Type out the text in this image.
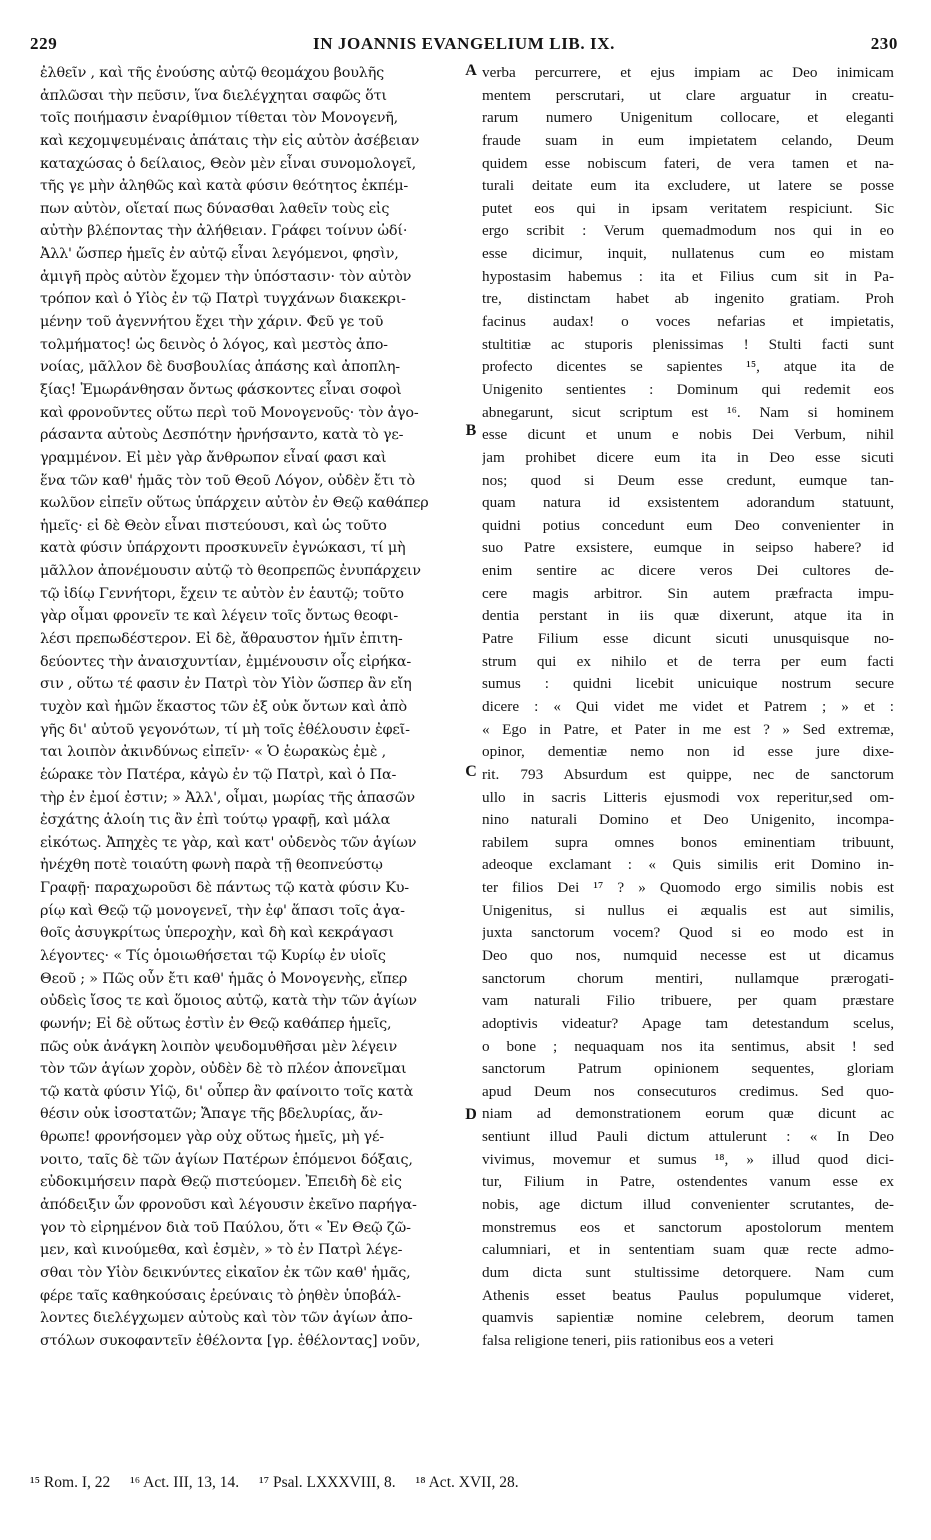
229	IN JOANNIS EVANGELIUM LIB. IX.	230
ἐλθεῖν , καὶ τῆς ἐνούσης αὐτῷ θεομάχου βουλῆς
ἀπλῶσαι τὴν πεῦσιν, ἵνα διελέγχηται σαφῶς ὅτι
τοῖς ποιήμασιν ἐναρίθμιον τίθεται τὸν Μονογενῆ,
καὶ κεχομψευμέναις ἀπάταις τὴν εἰς αὐτὸν ἀσέβειαν
καταχώσας ὁ δείλαιος, Θεὸν μὲν εἶναι συνομολογεῖ,
τῆς γε μὴν ἀληθῶς καὶ κατὰ φύσιν θεότητος ἐκπέμ-
πων αὐτὸν, οἴεταί πως δύνασθαι λαθεῖν τοὺς εἰς
αὐτὴν βλέποντας τὴν ἀλήθειαν. Γράφει τοίνυν ὡδί·
Ἀλλ' ὥσπερ ἡμεῖς ἐν αὐτῷ εἶναι λεγόμενοι, φησὶν,
ἀμιγῆ πρὸς αὐτὸν ἔχομεν τὴν ὑπόστασιν· τὸν αὐτὸν
τρόπον καὶ ὁ Υἱὸς ἐν τῷ Πατρὶ τυγχάνων διακεκρι-
μένην τοῦ ἀγεννήτου ἔχει τὴν χάριν. Φεῦ γε τοῦ
τολμήματος! ὡς δεινὸς ὁ λόγος, καὶ μεστὸς ἀπο-
νοίας, μᾶλλον δὲ δυσβουλίας ἁπάσης καὶ ἀποπλη-
ξίας! Ἐμωράνθησαν ὄντως φάσκοντες εἶναι σοφοὶ
καὶ φρονοῦντες οὕτω περὶ τοῦ Μονογενοῦς· τὸν ἀγο-
ράσαντα αὐτοὺς Δεσπότην ἠρνήσαντο, κατὰ τὸ γε-
γραμμένον. Εἰ μὲν γὰρ ἄνθρωπον εἶναί φασι καὶ
ἕνα τῶν καθ' ἡμᾶς τὸν τοῦ Θεοῦ Λόγον, οὐδὲν ἔτι τὸ
κωλῦον εἰπεῖν οὕτως ὑπάρχειν αὐτὸν ἐν Θεῷ καθάπερ
ἡμεῖς· εἰ δὲ Θεὸν εἶναι πιστεύουσι, καὶ ὡς τοῦτο
κατὰ φύσιν ὑπάρχοντι προσκυνεῖν ἐγνώκασι, τί μὴ
μᾶλλον ἀπονέμουσιν αὐτῷ τὸ θεοπρεπῶς ἐνυπάρχειν
τῷ ἰδίῳ Γεννήτορι, ἔχειν τε αὐτὸν ἐν ἑαυτῷ; τοῦτο
γὰρ οἶμαι φρονεῖν τε καὶ λέγειν τοῖς ὄντως θεοφι-
λέσι πρεπωδέστερον. Εἰ δὲ, ἄθραυστον ἡμῖν ἐπιτη-
δεύοντες τὴν ἀναισχυντίαν, ἐμμένουσιν οἷς εἰρήκα-
σιν , οὕτω τέ φασιν ἐν Πατρὶ τὸν Υἱὸν ὥσπερ ἂν εἴη
τυχὸν καὶ ἡμῶν ἕκαστος τῶν ἐξ οὐκ ὄντων καὶ ἀπὸ
γῆς δι' αὐτοῦ γεγονότων, τί μὴ τοῖς ἐθέλουσιν ἐφεῖ-
ται λοιπὸν ἀκινδύνως εἰπεῖν· « Ὁ ἑωρακὼς ἐμὲ ,
ἑώρακε τὸν Πατέρα, κἀγὼ ἐν τῷ Πατρὶ, καὶ ὁ Πα-
τὴρ ἐν ἐμοί ἐστιν; » Ἀλλ', οἶμαι, μωρίας τῆς ἁπασῶν
ἐσχάτης ἁλοίη τις ἂν ἐπὶ τούτῳ γραφῇ, καὶ μάλα
εἰκότως. Ἀπηχὲς τε γὰρ, καὶ κατ' οὐδενὸς τῶν ἁγίων
ἠνέχθη ποτὲ τοιαύτη φωνὴ παρὰ τῇ θεοπνεύστῳ
Γραφῇ· παραχωροῦσι δὲ πάντως τῷ κατὰ φύσιν Κυ-
ρίῳ καὶ Θεῷ τῷ μονογενεῖ, τὴν ἐφ' ἅπασι τοῖς ἀγα-
θοῖς ἀσυγκρίτως ὑπεροχὴν, καὶ δὴ καὶ κεκράγασι
λέγοντες· « Τίς ὁμοιωθήσεται τῷ Κυρίῳ ἐν υἱοῖς
Θεοῦ ; » Πῶς οὖν ἔτι καθ' ἡμᾶς ὁ Μονογενὴς, εἴπερ
οὐδεὶς ἴσος τε καὶ ὅμοιος αὐτῷ, κατὰ τὴν τῶν ἁγίων
φωνήν; Εἰ δὲ οὕτως ἐστὶν ἐν Θεῷ καθάπερ ἡμεῖς,
πῶς οὐκ ἀνάγκη λοιπὸν ψευδομυθῆσαι μὲν λέγειν
τὸν τῶν ἁγίων χορὸν, οὐδὲν δὲ τὸ πλέον ἀπονεῖμαι
τῷ κατὰ φύσιν Υἱῷ, δι' οὗπερ ἂν φαίνοιτο τοῖς κατὰ
θέσιν οὐκ ἰσοστατῶν; Ἄπαγε τῆς βδελυρίας, ἄν-
θρωπε! φρονήσομεν γὰρ οὐχ οὕτως ἡμεῖς, μὴ γέ-
νοιτο, ταῖς δὲ τῶν ἁγίων Πατέρων ἑπόμενοι δόξαις,
εὐδοκιμήσειν παρὰ Θεῷ πιστεύομεν. Ἐπειδὴ δὲ εἰς
ἀπόδειξιν ὧν φρονοῦσι καὶ λέγουσιν ἐκεῖνο παρήγα-
γον τὸ εἰρημένον διὰ τοῦ Παύλου, ὅτι « Ἐν Θεῷ ζῶ-
μεν, καὶ κινούμεθα, καὶ ἐσμὲν, » τὸ ἐν Πατρὶ λέγε-
σθαι τὸν Υἱὸν δεικνύντες εἰκαῖον ἐκ τῶν καθ' ἡμᾶς,
φέρε ταῖς καθηκούσαις ἐρεύναις τὸ ῥηθὲν ὑποβάλ-
λοντες διελέγχωμεν αὐτοὺς καὶ τὸν τῶν ἁγίων ἀπο-
στόλων συκοφαντεῖν ἐθέλοντα [γρ. ἐθέλοντας] νοῦν,
A
B
C
D
verba percurrere, et ejus impiam ac Deo inimicam
mentem perscrutari, ut clare arguatur in creatu-
rarum numero Unigenitum collocare, et eleganti
fraude suam in eum impietatem celando, Deum
quidem esse nobiscum fateri, de vera tamen et na-
turali deitate eum ita excludere, ut latere se posse
putet eos qui in ipsam veritatem respiciunt. Sic
ergo scribit : Verum quemadmodum nos qui in eo
esse dicimur, inquit, nullatenus cum eo mistam
hypostasim habemus : ita et Filius cum sit in Pa-
tre, distinctam habet ab ingenito gratiam. Proh
facinus audax! o voces nefarias et impietatis,
stultitiæ ac stuporis plenissimas ! Stulti facti sunt
profecto dicentes se sapientes ¹⁵, atque ita de
Unigenito sentientes : Dominum qui redemit eos
abnegarunt, sicut scriptum est ¹⁶. Nam si hominem
esse dicunt et unum e nobis Dei Verbum, nihil
jam prohibet dicere eum ita in Deo esse sicuti
nos; quod si Deum esse credunt, eumque tan-
quam natura id exsistentem adorandum statuunt,
quidni potius concedunt eum Deo convenienter in
suo Patre exsistere, eumque in seipso habere? id
enim sentire ac dicere veros Dei cultores de-
cere magis arbitror. Sin autem præfracta impu-
dentia perstant in iis quæ dixerunt, atque ita in
Patre Filium esse dicunt sicuti unusquisque no-
strum qui ex nihilo et de terra per eum facti
sumus : quidni licebit unicuique nostrum secure
dicere : « Qui videt me videt et Patrem ; » et :
« Ego in Patre, et Pater in me est ? » Sed extremæ,
opinor, dementiæ nemo non id esse jure dixe-
rit. 793 Absurdum est quippe, nec de sanctorum
ullo in sacris Litteris ejusmodi vox reperitur,sed om-
nino naturali Domino et Deo Unigenito, incompa-
rabilem supra omnes bonos eminentiam tribuunt,
adeoque exclamant : « Quis similis erit Domino in-
ter filios Dei ¹⁷ ? » Quomodo ergo similis nobis est
Unigenitus, si nullus ei æqualis est aut similis,
juxta sanctorum vocem? Quod si eo modo est in
Deo quo nos, numquid necesse est ut dicamus
sanctorum chorum mentiri, nullamque prærogati-
vam naturali Filio tribuere, per quam præstare
adoptivis videatur? Apage tam detestandum scelus,
o bone ; nequaquam nos ita sentimus, absit ! sed
sanctorum Patrum opinionem sequentes, gloriam
apud Deum nos consecuturos credimus. Sed quo-
niam ad demonstrationem eorum quæ dicunt ac
sentiunt illud Pauli dictum attulerunt : « In Deo
vivimus, movemur et sumus ¹⁸, » illud quod dici-
tur, Filium in Patre, ostendentes vanum esse ex
nobis, age dictum illud convenienter scrutantes, de-
monstremus eos et sanctorum apostolorum mentem
calumniari, et in sententiam suam quæ recte admo-
dum dicta sunt stultissime detorquere. Nam cum
Athenis esset beatus Paulus populumque videret,
quamvis sapientiæ nomine celebrem, deorum tamen
falsa religione teneri, piis rationibus eos a veteri
¹⁵ Rom. I, 22 ¹⁶ Act. III, 13, 14. ¹⁷ Psal. LXXXVIII, 8. ¹⁸ Act. XVII, 28.
